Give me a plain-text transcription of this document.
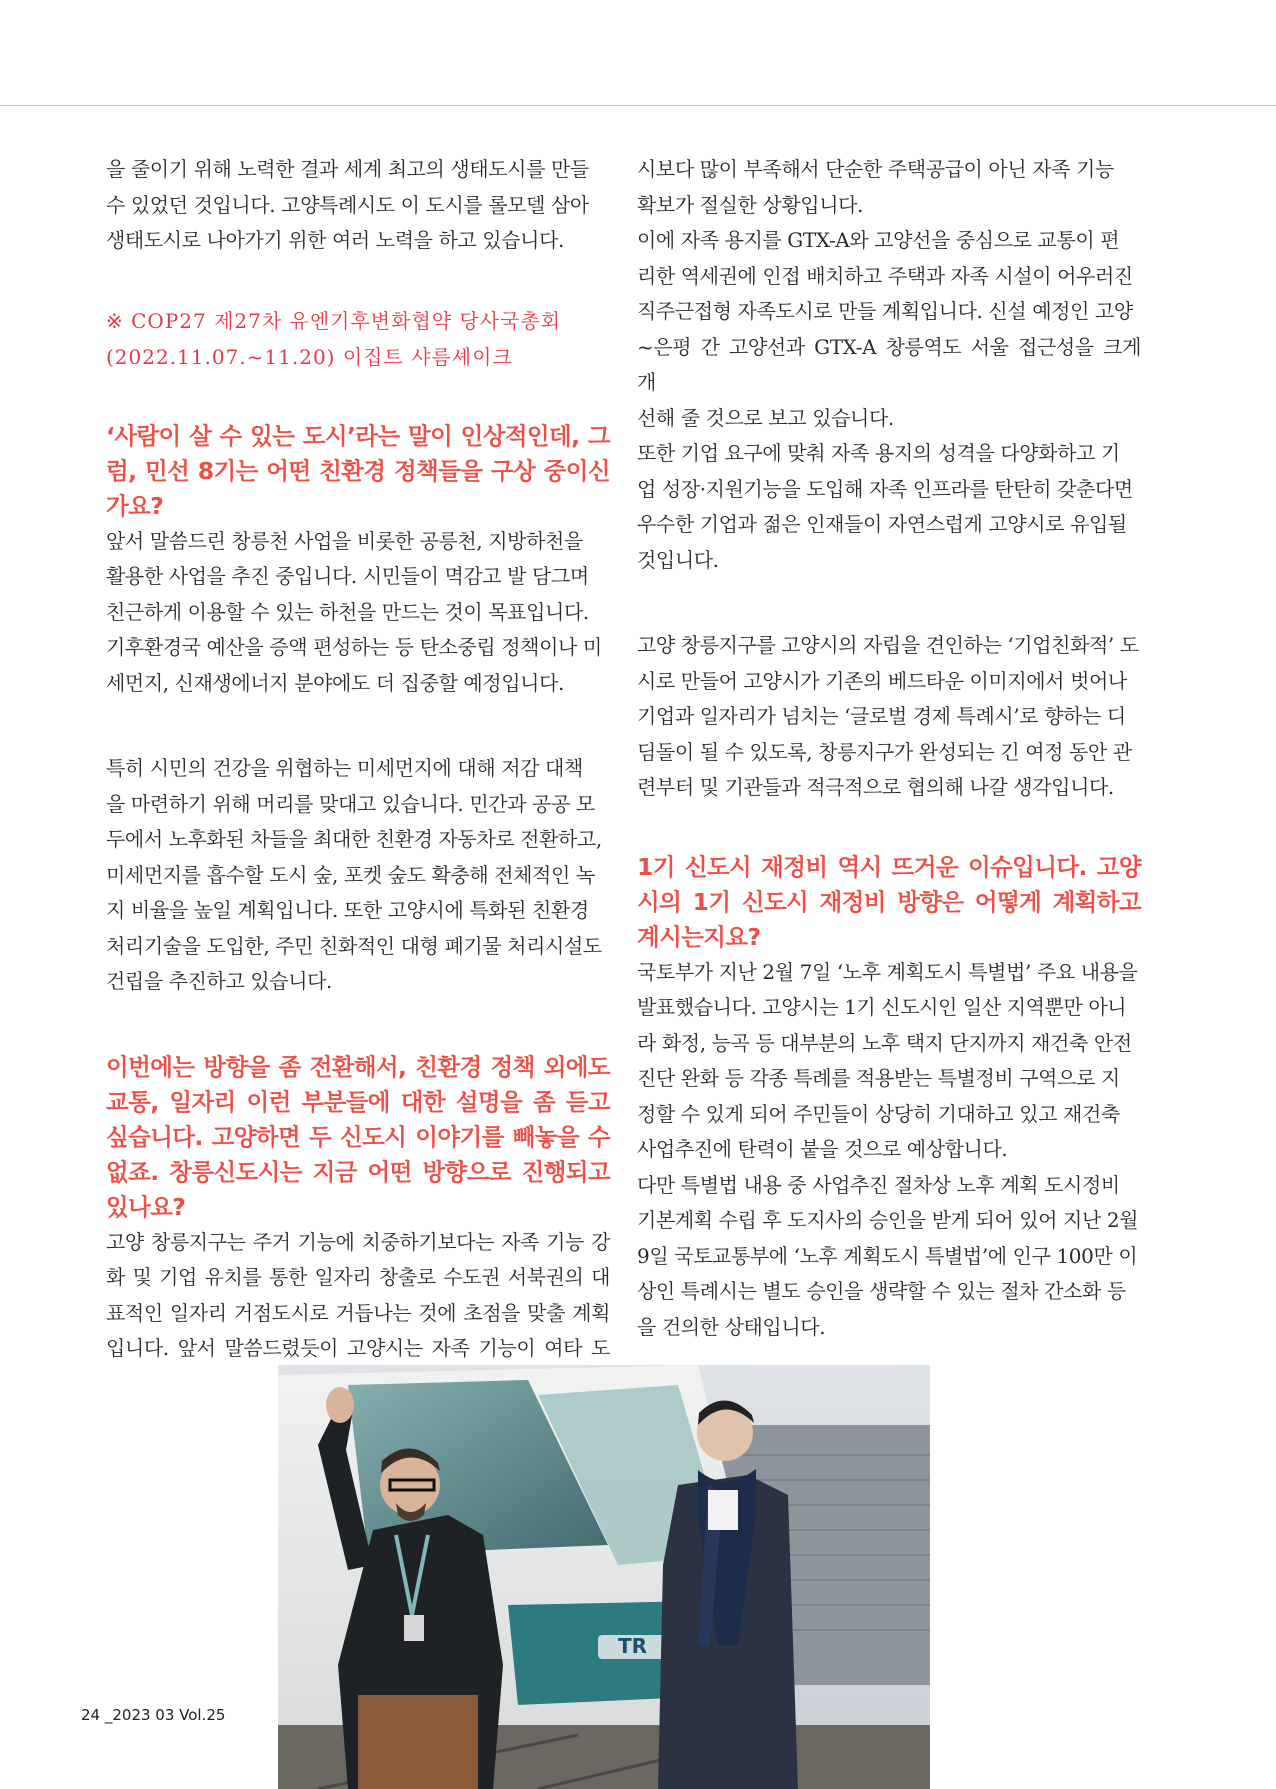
을 줄이기 위해 노력한 결과 세계 최고의 생태도시를 만들
수 있었던 것입니다. 고양특례시도 이 도시를 롤모델 삼아
생태도시로 나아가기 위한 여러 노력을 하고 있습니다.

※ COP27 제27차 유엔기후변화협약 당사국총회
(2022.11.07.~11.20) 이집트 샤름셰이크

‘사람이 살 수 있는 도시’라는 말이 인상적인데, 그
럼, 민선 8기는 어떤 친환경 정책들을 구상 중이신

가요?

앞서 말씀드린 창릉천 사업을 비롯한 공릉천, 지방하천을
활용한 사업을 추진 중입니다. 시민들이 멱감고 발 담그며
친근하게 이용할 수 있는 하천을 만드는 것이 목표입니다.
기후환경국 예산을 증액 편성하는 등 탄소중립 정책이나 미
세먼지, 신재생에너지 분야에도 더 집중할 예정입니다.

특히 시민의 건강을 위협하는 미세먼지에 대해 저감 대책
을 마련하기 위해 머리를 맞대고 있습니다. 민간과 공공 모
두에서 노후화된 차들을 최대한 친환경 자동차로 전환하고,
미세먼지를 흡수할 도시 숲, 포켓 숲도 확충해 전체적인 녹
지 비율을 높일 계획입니다. 또한 고양시에 특화된 친환경
처리기술을 도입한, 주민 친화적인 대형 폐기물 처리시설도
건립을 추진하고 있습니다.

이번에는 방향을 좀 전환해서, 친환경 정책 외에도
교통, 일자리 이런 부분들에 대한 설명을 좀 듣고
싶습니다. 고양하면 두 신도시 이야기를 빼놓을 수
없죠. 창릉신도시는 지금 어떤 방향으로 진행되고

있나요?

고양 창릉지구는 주거 기능에 치중하기보다는 자족 기능 강
화 및 기업 유치를 통한 일자리 창출로 수도권 서북권의 대
표적인 일자리 거점도시로 거듭나는 것에 초점을 맞출 계획
입니다. 앞서 말씀드렸듯이 고양시는 자족 기능이 여타 도

시보다 많이 부족해서 단순한 주택공급이 아닌 자족 기능
확보가 절실한 상황입니다.

이에 자족 용지를 GTX-A와 고양선을 중심으로 교통이 편
리한 역세권에 인접 배치하고 주택과 자족 시설이 어우러진
직주근접형 자족도시로 만들 계획입니다. 신설 예정인 고양
~은평 간 고양선과 GTX-A 창릉역도 서울 접근성을 크게 개
선해 줄 것으로 보고 있습니다.

또한 기업 요구에 맞춰 자족 용지의 성격을 다양화하고 기
업 성장·지원기능을 도입해 자족 인프라를 탄탄히 갖춘다면
우수한 기업과 젊은 인재들이 자연스럽게 고양시로 유입될
것입니다.

고양 창릉지구를 고양시의 자립을 견인하는 ‘기업친화적’ 도
시로 만들어 고양시가 기존의 베드타운 이미지에서 벗어나
기업과 일자리가 넘치는 ‘글로벌 경제 특례시’로 향하는 디
딤돌이 될 수 있도록, 창릉지구가 완성되는 긴 여정 동안 관
련부터 및 기관들과 적극적으로 협의해 나갈 생각입니다.

1기 신도시 재정비 역시 뜨거운 이슈입니다. 고양
시의 1기 신도시 재정비 방향은 어떻게 계획하고

계시는지요?

국토부가 지난 2월 7일 ‘노후 계획도시 특별법’ 주요 내용을
발표했습니다. 고양시는 1기 신도시인 일산 지역뿐만 아니
라 화정, 능곡 등 대부분의 노후 택지 단지까지 재건축 안전
진단 완화 등 각종 특례를 적용받는 특별정비 구역으로 지
정할 수 있게 되어 주민들이 상당히 기대하고 있고 재건축
사업추진에 탄력이 붙을 것으로 예상합니다.

다만 특별법 내용 중 사업추진 절차상 노후 계획 도시정비
기본계획 수립 후 도지사의 승인을 받게 되어 있어 지난 2월
9일 국토교통부에 ‘노후 계획도시 특별법’에 인구 100만 이
상인 특례시는 별도 승인을 생략할 수 있는 절차 간소화 등
을 건의한 상태입니다.

TR
24 _2023 03 Vol.25
